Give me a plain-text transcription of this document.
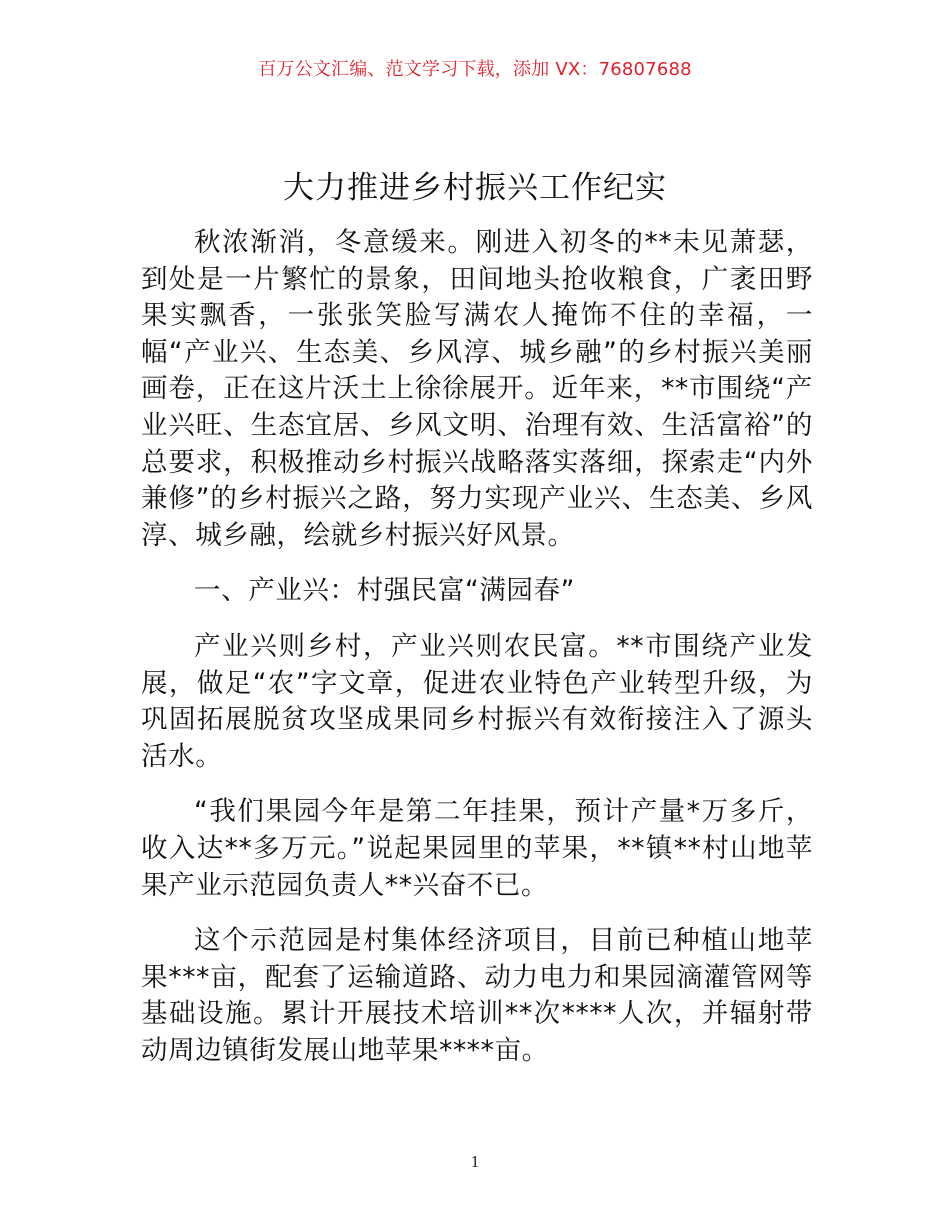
百万公文汇编、范文学习下载，添加 VX：76807688
大力推进乡村振兴工作纪实

秋浓渐消，冬意缓来。刚进入初冬的**未见萧瑟，到处是一片繁忙的景象，田间地头抢收粮食，广袤田野果实飘香，一张张笑脸写满农人掩饰不住的幸福，一幅“产业兴、生态美、乡风淳、城乡融”的乡村振兴美丽画卷，正在这片沃土上徐徐展开。近年来，**市围绕“产业兴旺、生态宜居、乡风文明、治理有效、生活富裕”的总要求，积极推动乡村振兴战略落实落细，探索走“内外兼修”的乡村振兴之路，努力实现产业兴、生态美、乡风淳、城乡融，绘就乡村振兴好风景。

一、产业兴：村强民富“满园春”

产业兴则乡村，产业兴则农民富。**市围绕产业发展，做足“农”字文章，促进农业特色产业转型升级，为巩固拓展脱贫攻坚成果同乡村振兴有效衔接注入了源头活水。

“我们果园今年是第二年挂果，预计产量*万多斤，收入达**多万元。”说起果园里的苹果，**镇**村山地苹果产业示范园负责人**兴奋不已。

这个示范园是村集体经济项目，目前已种植山地苹果***亩，配套了运输道路、动力电力和果园滴灌管网等基础设施。累计开展技术培训**次****人次，并辐射带动周边镇街发展山地苹果****亩。

1
